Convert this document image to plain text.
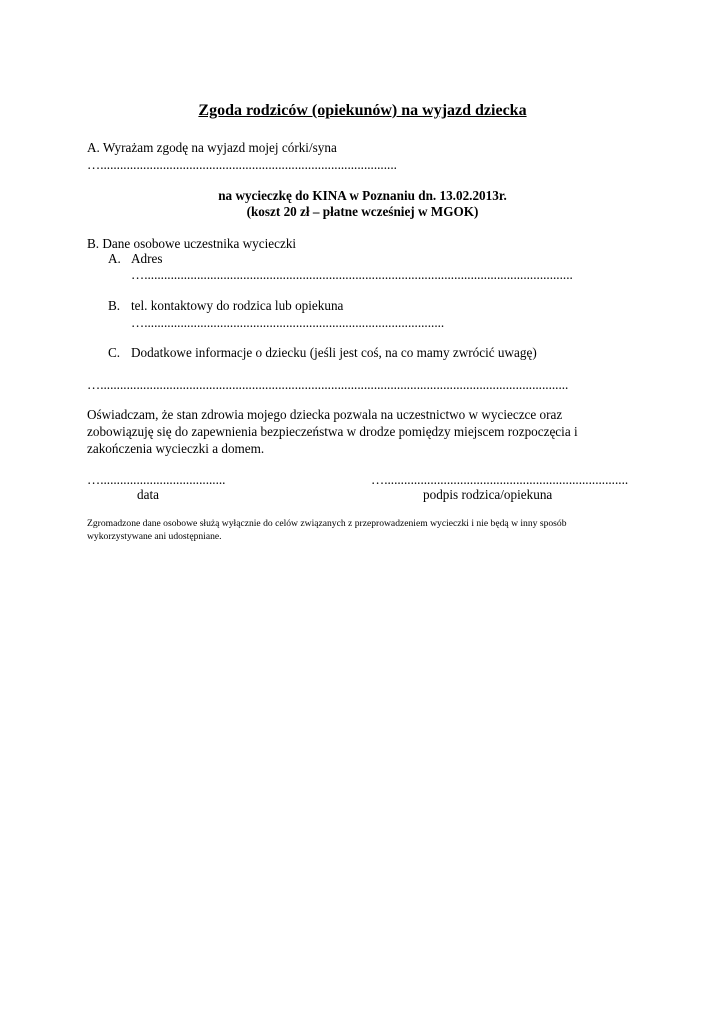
Zgoda rodziców (opiekunów) na wyjazd dziecka
A. Wyrażam zgodę na wyjazd mojej córki/syna
…..........................................................................................
na wycieczkę do KINA w Poznaniu dn. 13.02.2013r.
(koszt 20 zł – płatne wcześniej w MGOK)
B. Dane osobowe uczestnika wycieczki
A. Adres
…..................................................................................................................................
B. tel. kontaktowy do rodzica lub opiekuna
…...........................................................................................
C. Dodatkowe informacje o dziecku (jeśli jest coś, na co mamy zwrócić uwagę)
…..............................................................................................................................................
Oświadczam, że stan zdrowia mojego dziecka pozwala na uczestnictwo w wycieczce oraz
zobowiązuję się do zapewnienia bezpieczeństwa w drodze pomiędzy miejscem rozpoczęcia i
zakończenia wycieczki a domem.
…......................................
data
…..........................................................................
podpis rodzica/opiekuna
Zgromadzone dane osobowe służą wyłącznie do celów związanych z przeprowadzeniem wycieczki i nie będą w inny sposób
wykorzystywane ani udostępniane.
